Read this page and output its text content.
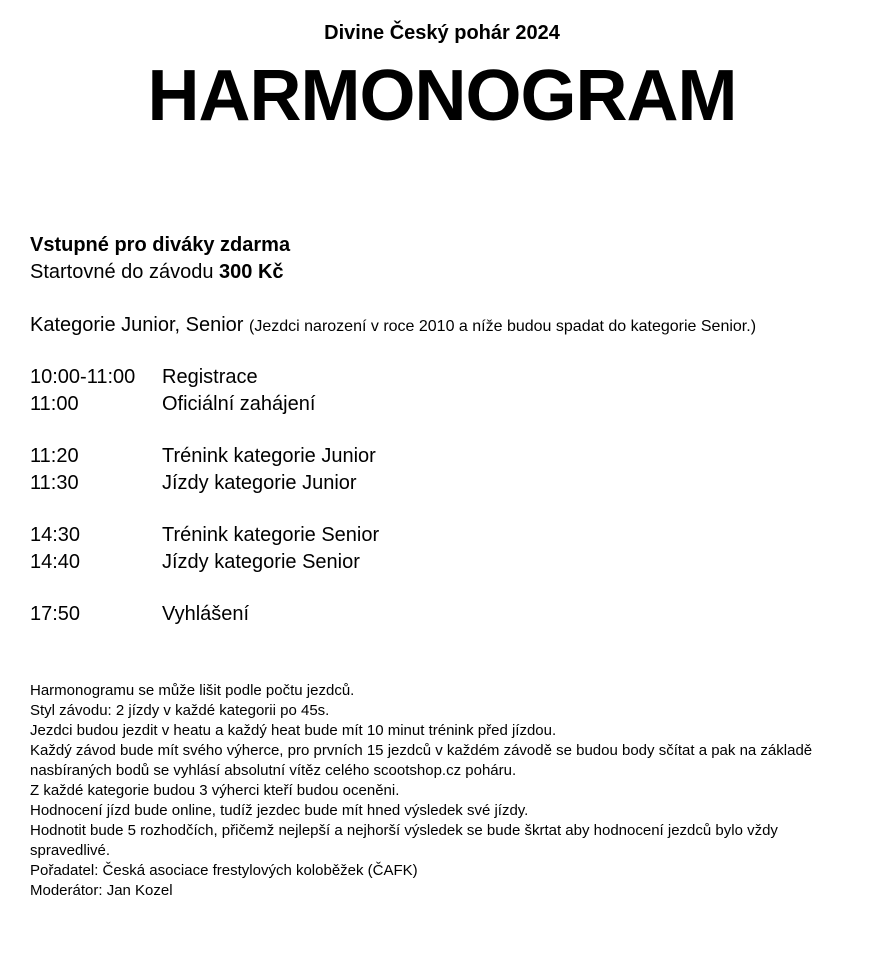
Divine Český pohár 2024
HARMONOGRAM
Vstupné pro diváky zdarma
Startovné do závodu 300 Kč
Kategorie Junior, Senior (Jezdci narození v roce 2010 a níže budou spadat do kategorie Senior.)
10:00-11:00	Registrace
11:00	Oficiální zahájení
11:20	Trénink kategorie Junior
11:30	Jízdy kategorie Junior
14:30	Trénink kategorie Senior
14:40	Jízdy kategorie Senior
17:50	Vyhlášení
Harmonogramu se může lišit podle počtu jezdců.
Styl závodu: 2 jízdy v každé kategorii po 45s.
Jezdci budou jezdit v heatu a každý heat bude mít 10 minut trénink před jízdou.
Každý závod bude mít svého výherce, pro prvních 15 jezdců v každém závodě se budou body sčítat a pak na základě
nasbíraných bodů se vyhlásí absolutní vítěz celého scootshop.cz poháru.
Z každé kategorie budou 3 výherci kteří budou oceněni.
Hodnocení jízd bude online, tudíž jezdec bude mít hned výsledek své jízdy.
Hodnotit bude 5 rozhodčích, přičemž nejlepší a nejhorší výsledek se bude škrtat aby hodnocení jezdců bylo vždy spravedlivé.
Pořadatel: Česká asociace frestylových koloběžek (ČAFK)
Moderátor: Jan Kozel
